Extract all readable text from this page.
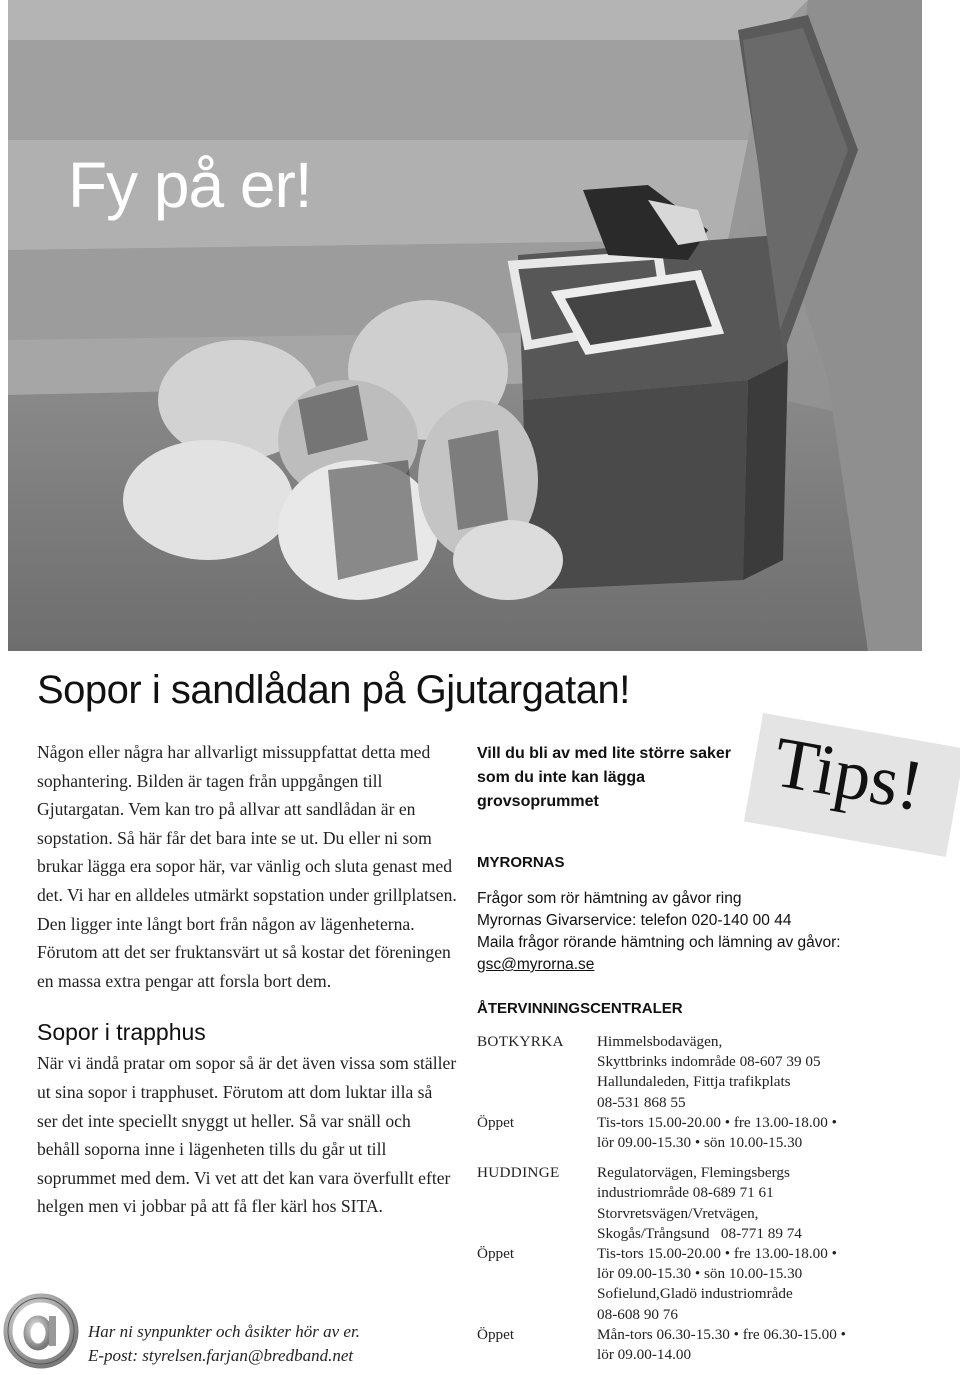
Fy på er!
Sopor i sandlådan på Gjutargatan!

Någon eller några har allvarligt missuppfattat detta med sophantering. Bilden är tagen från uppgången till Gjutargatan. Vem kan tro på allvar att sandlådan är en sopstation. Så här får det bara inte se ut. Du eller ni som brukar lägga era sopor här, var vänlig och sluta genast med det. Vi har en alldeles utmärkt sopstation under grillplatsen. Den ligger inte långt bort från någon av lägenheterna. Förutom att det ser fruktansvärt ut så kostar det föreningen en massa extra pengar att forsla bort dem.

Sopor i trapphus

När vi ändå pratar om sopor så är det även vissa som ställer ut sina sopor i trapphuset. Förutom att dom luktar illa så ser det inte speciellt snyggt ut heller. Så var snäll och behåll soporna inne i lägenheten tills du går ut till soprummet med dem. Vi vet att det kan vara överfullt efter helgen men vi jobbar på att få fler kärl hos SITA.

Har ni synpunkter och åsikter hör av er.
E-post: styrelsen.farjan@bredband.net
Tips!

Vill du bli av med lite större saker som du inte kan lägga grovsoprummet

MYRORNAS

Frågor som rör hämtning av gåvor ring

Myrornas Givarservice: telefon 020-140 00 44

Maila frågor rörande hämtning och lämning av gåvor:

gsc@myrorna.se

ÅTERVINNINGSCENTRALER
BOTKYRKA	Himmelsbodavägen,
Skyttbrinks indområde 08-607 39 05
Hallundaleden, Fittja trafikplats
08-531 868 55
Öppet	Tis-tors 15.00-20.00 • fre 13.00-18.00 •
lör 09.00-15.30 • sön 10.00-15.30
HUDDINGE	Regulatorvägen, Flemingsbergs
industriområde 08-689 71 61
Storvretsvägen/Vretvägen,
Skogås/Trångsund   08-771 89 74
Öppet	Tis-tors 15.00-20.00 • fre 13.00-18.00 •
lör 09.00-15.30 • sön 10.00-15.30
Sofielund,Gladö industriområde
08-608 90 76
Öppet	Mån-tors 06.30-15.30 • fre 06.30-15.00 •
lör 09.00-14.00
